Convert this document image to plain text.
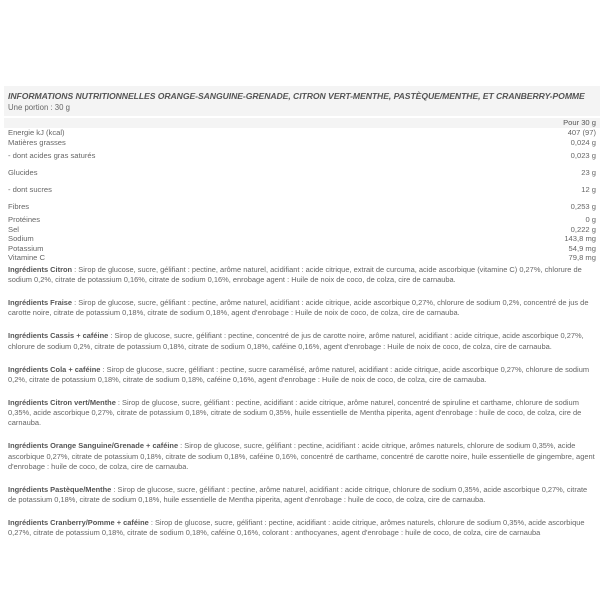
INFORMATIONS NUTRITIONNELLES ORANGE-SANGUINE-GRENADE, CITRON VERT-MENTHE, PASTÈQUE/MENTHE, ET CRANBERRY-POMME
Une portion : 30 g
Pour 30 g
Energie kJ (kcal)	407 (97)
Matières grasses	0,024 g
- dont acides gras saturés	0,023 g
Glucides	23 g
- dont sucres	12 g
Fibres	0,253 g
Protéines	0 g
Sel	0,222 g
Sodium	143,8 mg
Potassium	54,9 mg
Vitamine C	79,8 mg

Ingrédients Citron : Sirop de glucose, sucre, gélifiant : pectine, arôme naturel, acidifiant : acide citrique, extrait de curcuma, acide ascorbique (vitamine C) 0,27%, chlorure de sodium 0,2%, citrate de potassium 0,16%, citrate de sodium 0,16%, enrobage agent : Huile de noix de coco, de colza, cire de carnauba.

Ingrédients Fraise : Sirop de glucose, sucre, gélifiant : pectine, arôme naturel, acidifiant : acide citrique, acide ascorbique 0,27%, chlorure de sodium 0,2%, concentré de jus de carotte noire, citrate de potassium 0,18%, citrate de sodium 0,18%, agent d'enrobage : Huile de noix de coco, de colza, cire de carnauba.

Ingrédients Cassis + caféine : Sirop de glucose, sucre, gélifiant : pectine, concentré de jus de carotte noire, arôme naturel, acidifiant : acide citrique, acide ascorbique 0,27%, chlorure de sodium 0,2%, citrate de potassium 0,18%, citrate de sodium 0,18%, caféine 0,16%, agent d'enrobage : Huile de noix de coco, de colza, cire de carnauba.

Ingrédients Cola + caféine : Sirop de glucose, sucre, gélifiant : pectine, sucre caramélisé, arôme naturel, acidifiant : acide citrique, acide ascorbique 0,27%, chlorure de sodium 0,2%, citrate de potassium 0,18%, citrate de sodium 0,18%, caféine 0,16%, agent d'enrobage : Huile de noix de coco, de colza, cire de carnauba.

Ingrédients Citron vert/Menthe : Sirop de glucose, sucre, gélifiant : pectine, acidifiant : acide citrique, arôme naturel, concentré de spiruline et carthame, chlorure de sodium 0,35%, acide ascorbique 0,27%, citrate de potassium 0,18%, citrate de sodium 0,35%, huile essentielle de Mentha piperita, agent d'enrobage : huile de coco, de colza, cire de carnauba.

Ingrédients Orange Sanguine/Grenade + caféine : Sirop de glucose, sucre, gélifiant : pectine, acidifiant : acide citrique, arômes naturels, chlorure de sodium 0,35%, acide ascorbique 0,27%, citrate de potassium 0,18%, citrate de sodium 0,18%, caféine 0,16%, concentré de carthame, concentré de carotte noire, huile essentielle de gingembre, agent d'enrobage : huile de coco, de colza, cire de carnauba.

Ingrédients Pastèque/Menthe : Sirop de glucose, sucre, gélifiant : pectine, arôme naturel, acidifiant : acide citrique, chlorure de sodium 0,35%, acide ascorbique 0,27%, citrate de potassium 0,18%, citrate de sodium 0,18%, huile essentielle de Mentha piperita, agent d'enrobage : huile de coco, de colza, cire de carnauba.

Ingrédients Cranberry/Pomme + caféine : Sirop de glucose, sucre, gélifiant : pectine, acidifiant : acide citrique, arômes naturels, chlorure de sodium 0,35%, acide ascorbique 0,27%, citrate de potassium 0,18%, citrate de sodium 0,18%, caféine 0,16%, colorant : anthocyanes, agent d'enrobage : huile de coco, de colza, cire de carnauba
